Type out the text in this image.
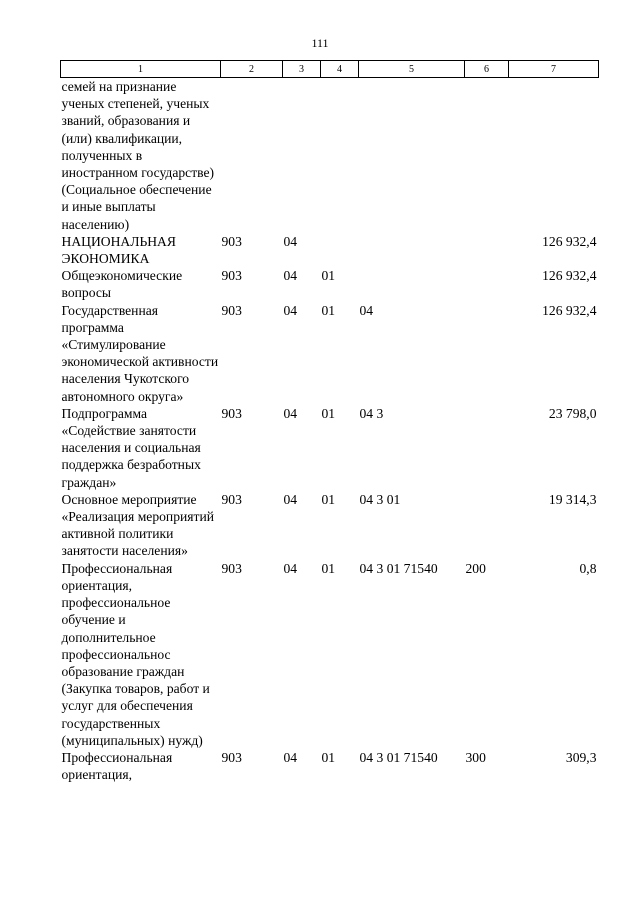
111
1	2	3	4	5	6	7
семей на признание ученых степеней, ученых званий, образования и (или) квалификации, полученных в иностранном государстве) (Социальное обеспечение и иные выплаты населению)						
НАЦИОНАЛЬНАЯ ЭКОНОМИКА	903	04				126 932,4
Общеэкономические вопросы	903	04	01			126 932,4
Государственная программа «Стимулирование экономической активности населения Чукотского автономного округа»	903	04	01	04		126 932,4
Подпрограмма «Содействие занятости населения и социальная поддержка безработных граждан»	903	04	01	04 3		23 798,0
Основное мероприятие «Реализация мероприятий активной политики занятости населения»	903	04	01	04 3 01		19 314,3
Профессиональная ориентация, профессиональное обучение и дополнительное профессиональнос образование граждан (Закупка товаров, работ и услуг для обеспечения государственных (муниципальных) нужд)	903	04	01	04 3 01 71540	200	0,8
Профессиональная ориентация,	903	04	01	04 3 01 71540	300	309,3
